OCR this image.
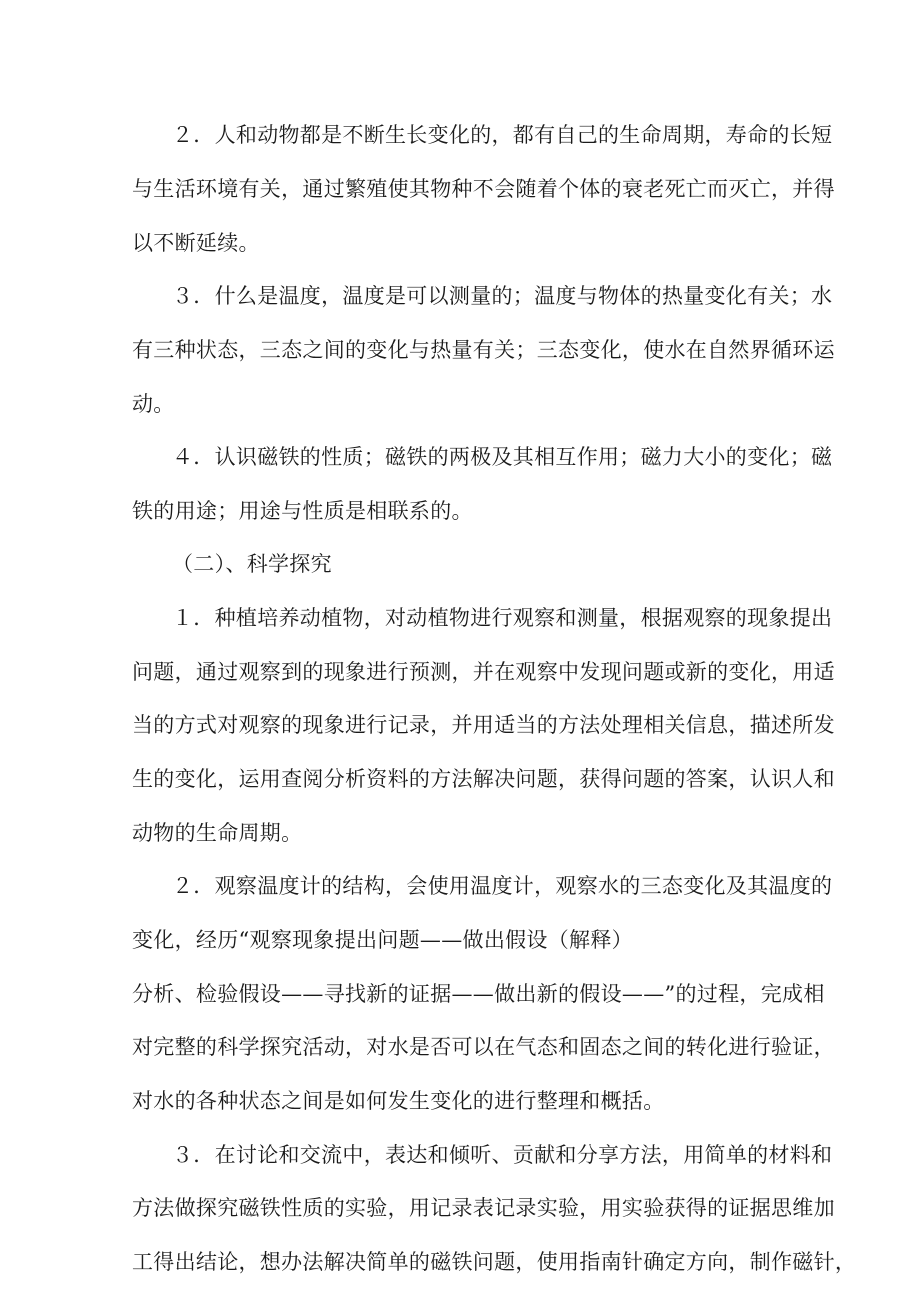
２．人和动物都是不断生长变化的，都有自己的生命周期，寿命的长短
与生活环境有关，通过繁殖使其物种不会随着个体的衰老死亡而灭亡，并得
以不断延续。
３．什么是温度，温度是可以测量的；温度与物体的热量变化有关；水
有三种状态，三态之间的变化与热量有关；三态变化，使水在自然界循环运
动。
４．认识磁铁的性质；磁铁的两极及其相互作用；磁力大小的变化；磁
铁的用途；用途与性质是相联系的。
（二）、科学探究
１．种植培养动植物，对动植物进行观察和测量，根据观察的现象提出
问题，通过观察到的现象进行预测，并在观察中发现问题或新的变化，用适
当的方式对观察的现象进行记录，并用适当的方法处理相关信息，描述所发
生的变化，运用查阅分析资料的方法解决问题，获得问题的答案，认识人和
动物的生命周期。
２．观察温度计的结构，会使用温度计，观察水的三态变化及其温度的
变化，经历“观察现象提出问题——做出假设（解释）
分析、检验假设——寻找新的证据——做出新的假设——”的过程，完成相
对完整的科学探究活动，对水是否可以在气态和固态之间的转化进行验证，
对水的各种状态之间是如何发生变化的进行整理和概括。
３．在讨论和交流中，表达和倾听、贡献和分享方法，用简单的材料和
方法做探究磁铁性质的实验，用记录表记录实验，用实验获得的证据思维加
工得出结论，想办法解决简单的磁铁问题，使用指南针确定方向，制作磁针，
